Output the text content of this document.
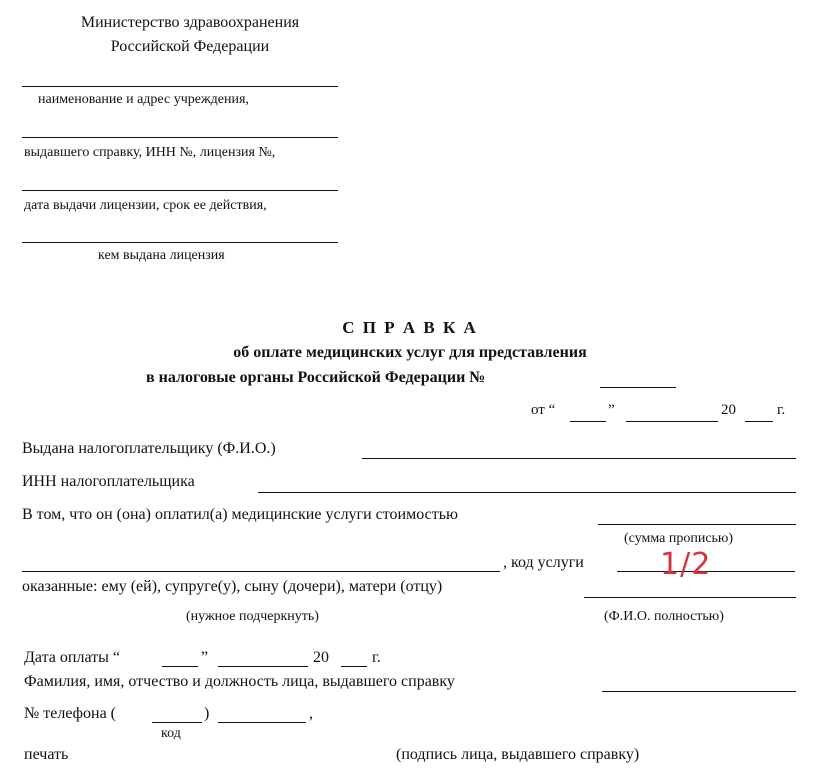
Министерство здравоохранения
Российской Федерации
наименование и адрес учреждения,
выдавшего справку, ИНН №, лицензия №,
дата выдачи лицензии, срок ее действия,
кем выдана лицензия
С П Р А В К А
об оплате медицинских услуг для представления
в налоговые органы Российской Федерации №
от “	”	20	г.
Выдана налогоплательщику (Ф.И.О.)
ИНН налогоплательщика
В том, что он (она) оплатил(а) медицинские услуги стоимостью
(сумма прописью)
, код услуги	1/2
оказанные: ему (ей), супруге(у), сыну (дочери), матери (отцу)
(нужное подчеркнуть)	(Ф.И.О. полностью)
Дата оплаты “	”	20	г.
Фамилия, имя, отчество и должность лица, выдавшего справку
№ телефона (	)	,
код
печать	(подпись лица, выдавшего справку)
